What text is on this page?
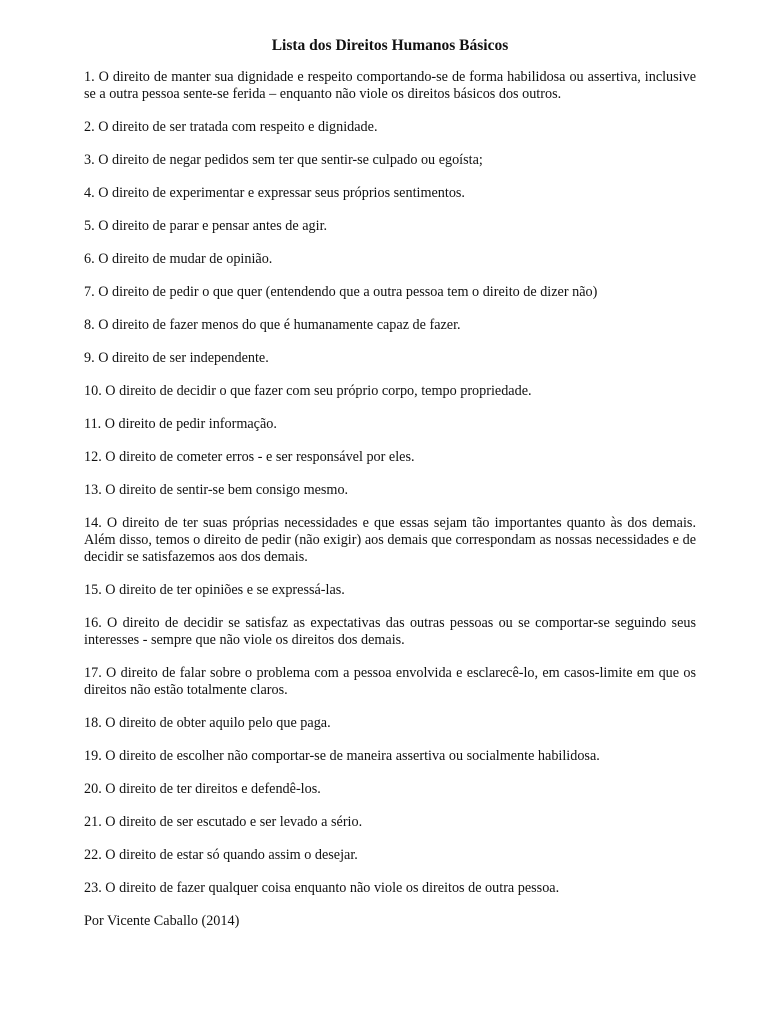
Lista dos Direitos Humanos Básicos

1. O direito de manter sua dignidade e respeito comportando-se de forma habilidosa ou assertiva, inclusive se a outra pessoa sente-se ferida – enquanto não viole os direitos básicos dos outros.

2. O direito de ser tratada com respeito e dignidade.

3. O direito de negar pedidos sem ter que sentir-se culpado ou egoísta;

4. O direito de experimentar e expressar seus próprios sentimentos.

5. O direito de parar e pensar antes de agir.

6. O direito de mudar de opinião.

7. O direito de pedir o que quer (entendendo que a outra pessoa tem o direito de dizer não)

8. O direito de fazer menos do que é humanamente capaz de fazer.

9. O direito de ser independente.

10. O direito de decidir o que fazer com seu próprio corpo, tempo propriedade.

11. O direito de pedir informação.

12. O direito de cometer erros - e ser responsável por eles.

13. O direito de sentir-se bem consigo mesmo.

14. O direito de ter suas próprias necessidades e que essas sejam tão importantes quanto às dos demais. Além disso, temos o direito de pedir (não exigir) aos demais que correspondam as nossas necessidades e de decidir se satisfazemos aos dos demais.

15. O direito de ter opiniões e se expressá-las.

16. O direito de decidir se satisfaz as expectativas das outras pessoas ou se comportar-se seguindo seus interesses - sempre que não viole os direitos dos demais.

17. O direito de falar sobre o problema com a pessoa envolvida e esclarecê-lo, em casos-limite em que os direitos não estão totalmente claros.

18. O direito de obter aquilo pelo que paga.

19. O direito de escolher não comportar-se de maneira assertiva ou socialmente habilidosa.

20. O direito de ter direitos e defendê-los.

21. O direito de ser escutado e ser levado a sério.

22. O direito de estar só quando assim o desejar.

23. O direito de fazer qualquer coisa enquanto não viole os direitos de outra pessoa.

Por Vicente Caballo (2014)
